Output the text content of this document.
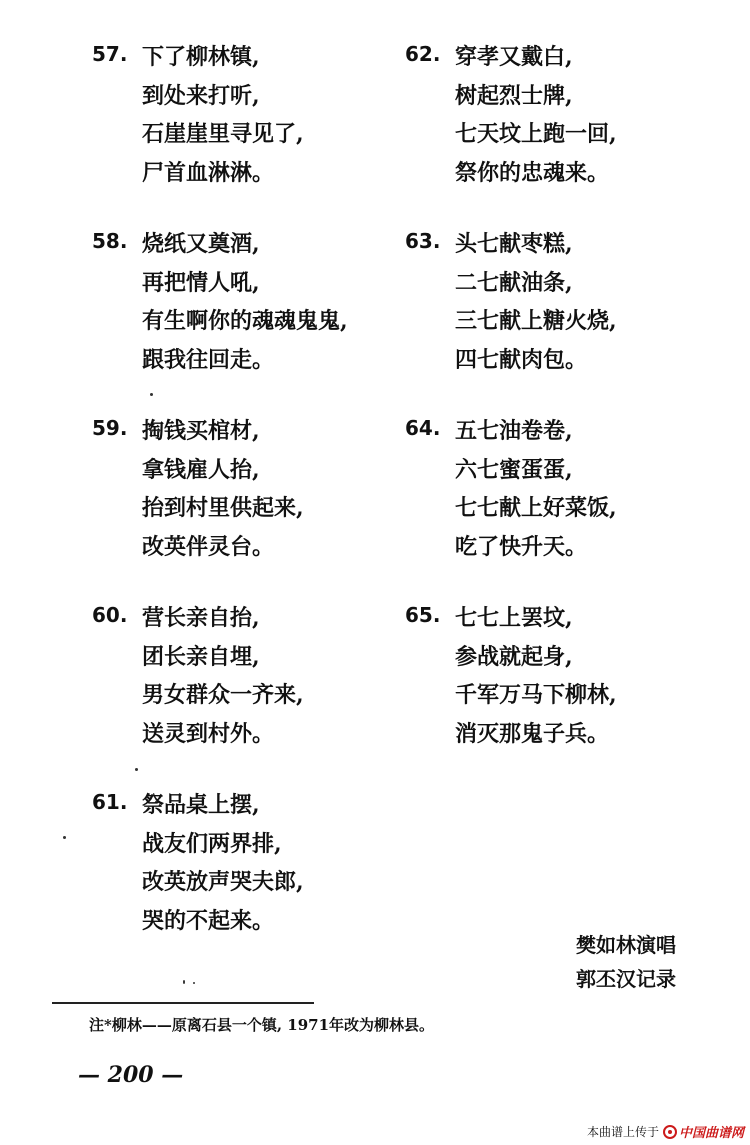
57. 下了柳林镇,
到处来打听,
石崖崖里寻见了,
尸首血淋淋。
58. 烧纸又奠酒,
再把情人吼,
有生啊你的魂魂鬼鬼,
跟我往回走。
59. 掏钱买棺材,
拿钱雇人抬,
抬到村里供起来,
改英伴灵台。
60. 营长亲自抬,
团长亲自埋,
男女群众一齐来,
送灵到村外。
61. 祭品桌上摆,
战友们两界排,
改英放声哭夫郎,
哭的不起来。
62. 穿孝又戴白,
树起烈士牌,
七天坟上跑一回,
祭你的忠魂来。
63. 头七献枣糕,
二七献油条,
三七献上糖火烧,
四七献肉包。
64. 五七油卷卷,
六七蜜蛋蛋,
七七献上好菜饭,
吃了快升天。
65. 七七上罢坟,
参战就起身,
千军万马下柳林,
消灭那鬼子兵。
樊如林演唱
郭丕汉记录
注*柳林——原离石县一个镇, 1971年改为柳林县。
— 200 —
本曲谱上传于 中国曲谱网
